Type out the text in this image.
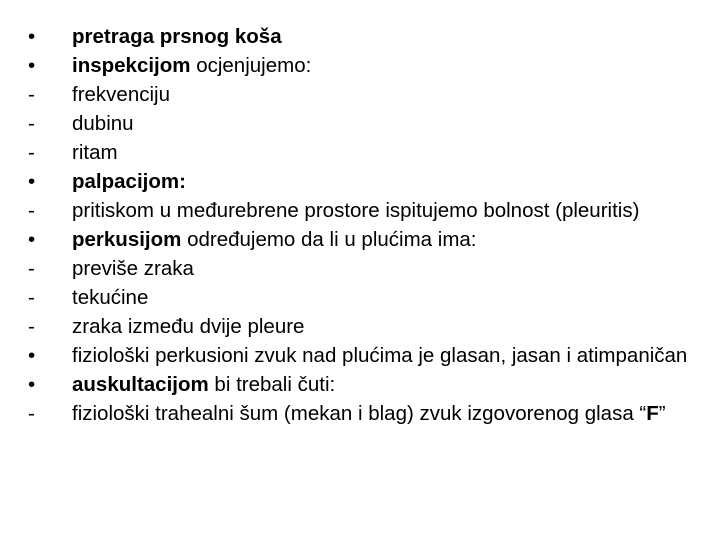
•	pretraga prsnog koša
•	inspekcijom ocjenjujemo:
-	frekvenciju
-	dubinu
-	ritam
•	palpacijom:
-	pritiskom u međurebrene prostore ispitujemo bolnost (pleuritis)
•	perkusijom određujemo da li u plućima ima:
-	previše zraka
-	tekućine
-	zraka između dvije pleure
•	fiziološki perkusioni zvuk nad plućima je glasan, jasan i atimpaničan
•	auskultacijom bi trebali čuti:
-	fiziološki trahealni šum (mekan i blag) zvuk izgovorenog glasa “F”
